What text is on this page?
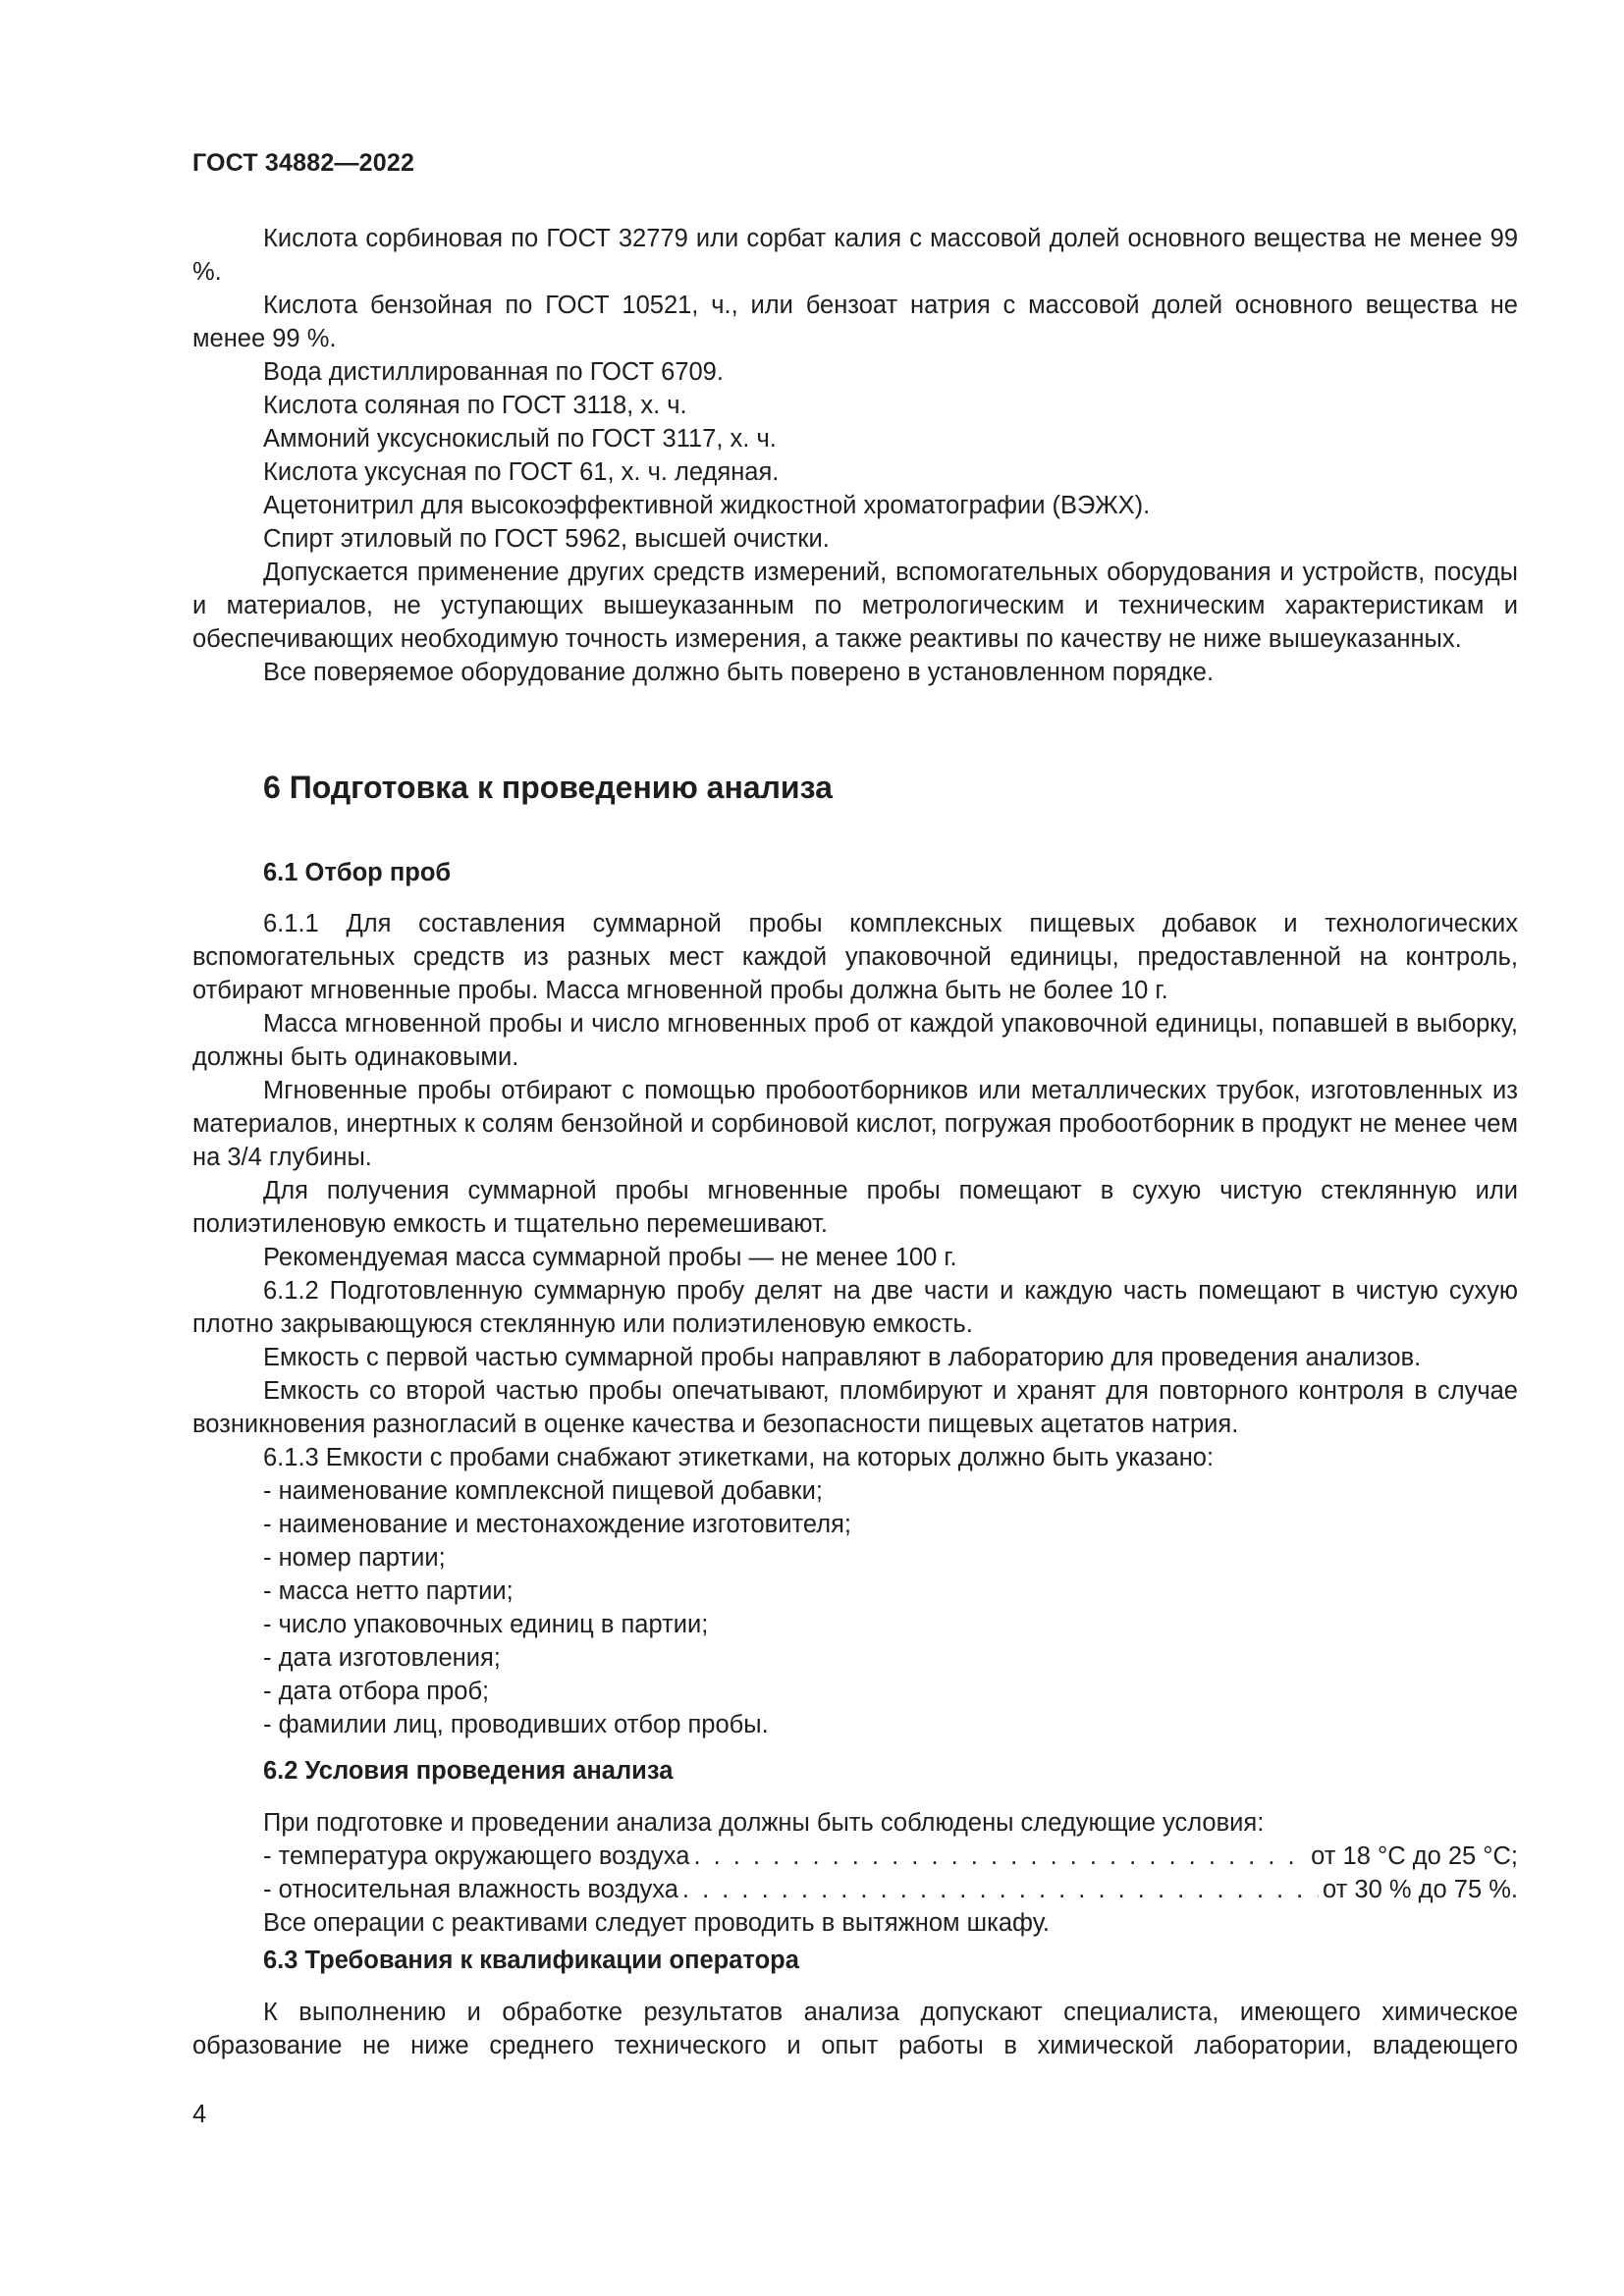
ГОСТ 34882—2022

Кислота сорбиновая по ГОСТ 32779 или сорбат калия с массовой долей основного вещества не менее 99 %.

Кислота бензойная по ГОСТ 10521, ч., или бензоат натрия с массовой долей основного вещества не менее 99 %.

Вода дистиллированная по ГОСТ 6709.

Кислота соляная по ГОСТ 3118, х. ч.

Аммоний уксуснокислый по ГОСТ 3117, х. ч.

Кислота уксусная по ГОСТ 61, х. ч. ледяная.

Ацетонитрил для высокоэффективной жидкостной хроматографии (ВЭЖХ).

Спирт этиловый по ГОСТ 5962, высшей очистки.

Допускается применение других средств измерений, вспомогательных оборудования и устройств, посуды и материалов, не уступающих вышеуказанным по метрологическим и техническим характеристикам и обеспечивающих необходимую точность измерения, а также реактивы по качеству не ниже вышеуказанных.

Все поверяемое оборудование должно быть поверено в установленном порядке.

6 Подготовка к проведению анализа
6.1 Отбор проб

6.1.1 Для составления суммарной пробы комплексных пищевых добавок и технологических вспомогательных средств из разных мест каждой упаковочной единицы, предоставленной на контроль, отбирают мгновенные пробы. Масса мгновенной пробы должна быть не более 10 г.

Масса мгновенной пробы и число мгновенных проб от каждой упаковочной единицы, попавшей в выборку, должны быть одинаковыми.

Мгновенные пробы отбирают с помощью пробоотборников или металлических трубок, изготовленных из материалов, инертных к солям бензойной и сорбиновой кислот, погружая пробоотборник в продукт не менее чем на 3/4 глубины.

Для получения суммарной пробы мгновенные пробы помещают в сухую чистую стеклянную или полиэтиленовую емкость и тщательно перемешивают.

Рекомендуемая масса суммарной пробы — не менее 100 г.

6.1.2 Подготовленную суммарную пробу делят на две части и каждую часть помещают в чистую сухую плотно закрывающуюся стеклянную или полиэтиленовую емкость.

Емкость с первой частью суммарной пробы направляют в лабораторию для проведения анализов.

Емкость со второй частью пробы опечатывают, пломбируют и хранят для повторного контроля в случае возникновения разногласий в оценке качества и безопасности пищевых ацетатов натрия.

6.1.3 Емкости с пробами снабжают этикетками, на которых должно быть указано:

- наименование комплексной пищевой добавки;

- наименование и местонахождение изготовителя;

- номер партии;

- масса нетто партии;

- число упаковочных единиц в партии;

- дата изготовления;

- дата отбора проб;

- фамилии лиц, проводивших отбор пробы.

6.2 Условия проведения анализа

При подготовке и проведении анализа должны быть соблюдены следующие условия:

- температура окружающего воздуха . . .	от 18 °С до 25 °С;
- относительная влажность воздуха . . .	от 30 % до 75 %.

Все операции с реактивами следует проводить в вытяжном шкафу.

6.3 Требования к квалификации оператора

К выполнению и обработке результатов анализа допускают специалиста, имеющего химическое образование не ниже среднего технического и опыт работы в химической лаборатории, владеющего

4
